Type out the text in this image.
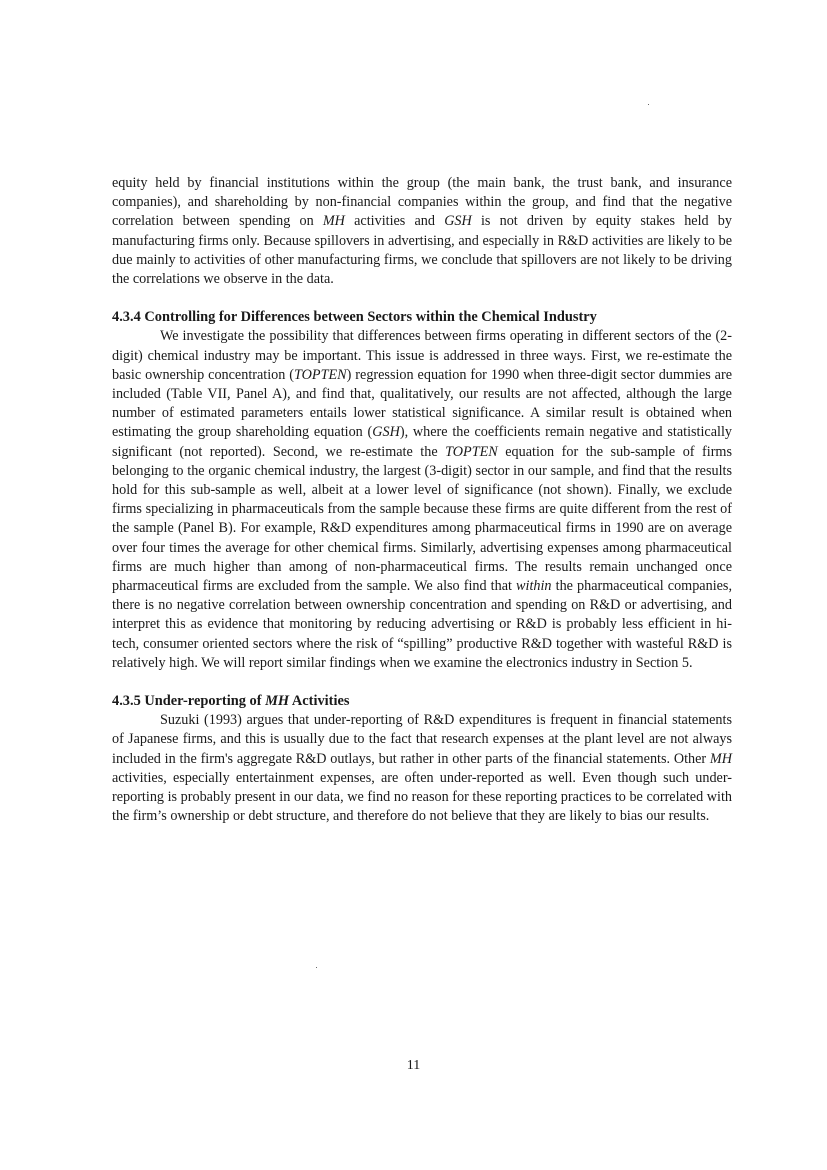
equity held by financial institutions within the group (the main bank, the trust bank, and insurance companies), and shareholding by non-financial companies within the group, and find that the negative correlation between spending on MH activities and GSH is not driven by equity stakes held by manufacturing firms only. Because spillovers in advertising, and especially in R&D activities are likely to be due mainly to activities of other manufacturing firms, we conclude that spillovers are not likely to be driving the correlations we observe in the data.

4.3.4 Controlling for Differences between Sectors within the Chemical Industry

We investigate the possibility that differences between firms operating in different sectors of the (2-digit) chemical industry may be important. This issue is addressed in three ways. First, we re-estimate the basic ownership concentration (TOPTEN) regression equation for 1990 when three-digit sector dummies are included (Table VII, Panel A), and find that, qualitatively, our results are not affected, although the large number of estimated parameters entails lower statistical significance. A similar result is obtained when estimating the group shareholding equation (GSH), where the coefficients remain negative and statistically significant (not reported). Second, we re-estimate the TOPTEN equation for the sub-sample of firms belonging to the organic chemical industry, the largest (3-digit) sector in our sample, and find that the results hold for this sub-sample as well, albeit at a lower level of significance (not shown). Finally, we exclude firms specializing in pharmaceuticals from the sample because these firms are quite different from the rest of the sample (Panel B). For example, R&D expenditures among pharmaceutical firms in 1990 are on average over four times the average for other chemical firms. Similarly, advertising expenses among pharmaceutical firms are much higher than among of non-pharmaceutical firms. The results remain unchanged once pharmaceutical firms are excluded from the sample. We also find that within the pharmaceutical companies, there is no negative correlation between ownership concentration and spending on R&D or advertising, and interpret this as evidence that monitoring by reducing advertising or R&D is probably less efficient in hi-tech, consumer oriented sectors where the risk of “spilling” productive R&D together with wasteful R&D is relatively high. We will report similar findings when we examine the electronics industry in Section 5.

4.3.5 Under-reporting of MH Activities

Suzuki (1993) argues that under-reporting of R&D expenditures is frequent in financial statements of Japanese firms, and this is usually due to the fact that research expenses at the plant level are not always included in the firm's aggregate R&D outlays, but rather in other parts of the financial statements. Other MH activities, especially entertainment expenses, are often under-reported as well. Even though such under-reporting is probably present in our data, we find no reason for these reporting practices to be correlated with the firm’s ownership or debt structure, and therefore do not believe that they are likely to bias our results.

11
